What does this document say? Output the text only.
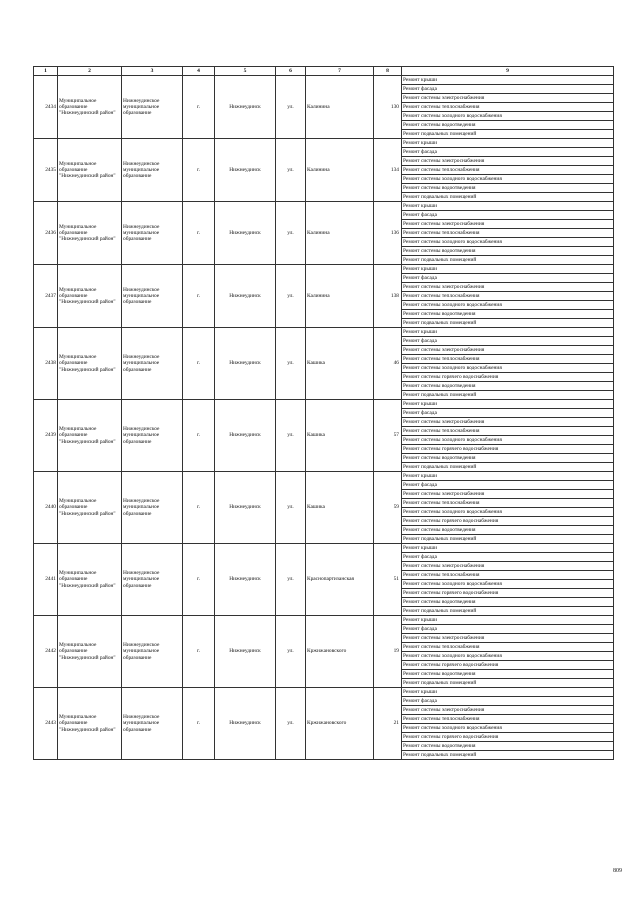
1	2	3	4	5	6	7	8	9
2434	Муниципальное образование "Нижнеудинский район"	Нижнеудинское муниципальное образование	г.	Нижнеудинск	ул.	Калинина	130	Ремонт крыши
								Ремонт фасада
								Ремонт системы электроснабжения
								Ремонт системы теплоснабжения
								Ремонт системы холодного водоснабжения
								Ремонт системы водоотведения
								Ремонт подвальных помещений
2435	Муниципальное образование "Нижнеудинский район"	Нижнеудинское муниципальное образование	г.	Нижнеудинск	ул.	Калинина	134	Ремонт крыши
								Ремонт фасада
								Ремонт системы электроснабжения
								Ремонт системы теплоснабжения
								Ремонт системы холодного водоснабжения
								Ремонт системы водоотведения
								Ремонт подвальных помещений
2436	Муниципальное образование "Нижнеудинский район"	Нижнеудинское муниципальное образование	г.	Нижнеудинск	ул.	Калинина	136	Ремонт крыши
								Ремонт фасада
								Ремонт системы электроснабжения
								Ремонт системы теплоснабжения
								Ремонт системы холодного водоснабжения
								Ремонт системы водоотведения
								Ремонт подвальных помещений
2437	Муниципальное образование "Нижнеудинский район"	Нижнеудинское муниципальное образование	г.	Нижнеудинск	ул.	Калинина	138	Ремонт крыши
								Ремонт фасада
								Ремонт системы электроснабжения
								Ремонт системы теплоснабжения
								Ремонт системы холодного водоснабжения
								Ремонт системы водоотведения
								Ремонт подвальных помещений
2438	Муниципальное образование "Нижнеудинский район"	Нижнеудинское муниципальное образование	г.	Нижнеудинск	ул.	Кашика	46	Ремонт крыши
								Ремонт фасада
								Ремонт системы электроснабжения
								Ремонт системы теплоснабжения
								Ремонт системы холодного водоснабжения
								Ремонт системы горячего водоснабжения
								Ремонт системы водоотведения
								Ремонт подвальных помещений
2439	Муниципальное образование "Нижнеудинский район"	Нижнеудинское муниципальное образование	г.	Нижнеудинск	ул.	Кашика	57	Ремонт крыши
								Ремонт фасада
								Ремонт системы электроснабжения
								Ремонт системы теплоснабжения
								Ремонт системы холодного водоснабжения
								Ремонт системы горячего водоснабжения
								Ремонт системы водоотведения
								Ремонт подвальных помещений
2440	Муниципальное образование "Нижнеудинский район"	Нижнеудинское муниципальное образование	г.	Нижнеудинск	ул.	Кашика	59	Ремонт крыши
								Ремонт фасада
								Ремонт системы электроснабжения
								Ремонт системы теплоснабжения
								Ремонт системы холодного водоснабжения
								Ремонт системы горячего водоснабжения
								Ремонт системы водоотведения
								Ремонт подвальных помещений
2441	Муниципальное образование "Нижнеудинский район"	Нижнеудинское муниципальное образование	г.	Нижнеудинск	ул.	Краснопартизанская	51	Ремонт крыши
								Ремонт фасада
								Ремонт системы электроснабжения
								Ремонт системы теплоснабжения
								Ремонт системы холодного водоснабжения
								Ремонт системы горячего водоснабжения
								Ремонт системы водоотведения
								Ремонт подвальных помещений
2442	Муниципальное образование "Нижнеудинский район"	Нижнеудинское муниципальное образование	г.	Нижнеудинск	ул.	Кржижановского	19	Ремонт крыши
								Ремонт фасада
								Ремонт системы электроснабжения
								Ремонт системы теплоснабжения
								Ремонт системы холодного водоснабжения
								Ремонт системы горячего водоснабжения
								Ремонт системы водоотведения
								Ремонт подвальных помещений
2443	Муниципальное образование "Нижнеудинский район"	Нижнеудинское муниципальное образование	г.	Нижнеудинск	ул.	Кржижановского	21	Ремонт крыши
								Ремонт фасада
								Ремонт системы электроснабжения
								Ремонт системы теплоснабжения
								Ремонт системы холодного водоснабжения
								Ремонт системы горячего водоснабжения
								Ремонт системы водоотведения
								Ремонт подвальных помещений
809
